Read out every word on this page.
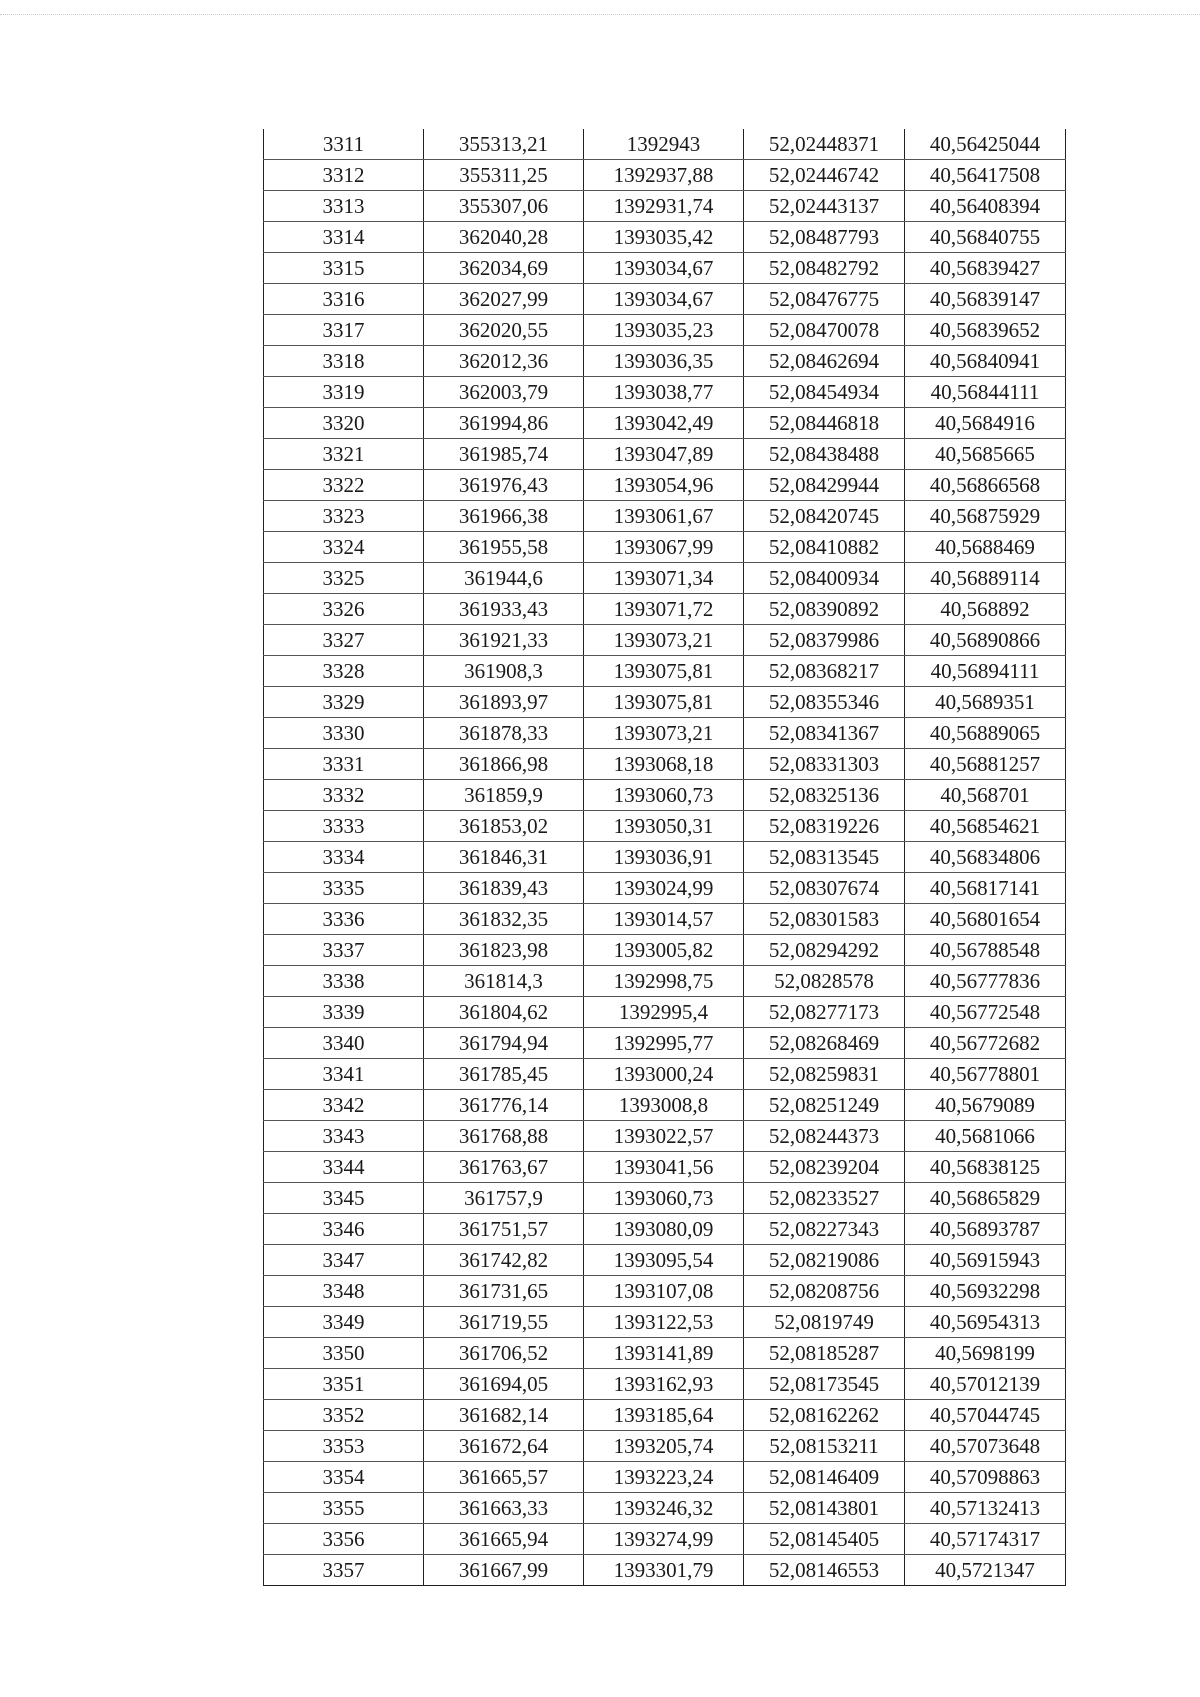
3311	355313,21	1392943	52,02448371	40,56425044
3312	355311,25	1392937,88	52,02446742	40,56417508
3313	355307,06	1392931,74	52,02443137	40,56408394
3314	362040,28	1393035,42	52,08487793	40,56840755
3315	362034,69	1393034,67	52,08482792	40,56839427
3316	362027,99	1393034,67	52,08476775	40,56839147
3317	362020,55	1393035,23	52,08470078	40,56839652
3318	362012,36	1393036,35	52,08462694	40,56840941
3319	362003,79	1393038,77	52,08454934	40,56844111
3320	361994,86	1393042,49	52,08446818	40,5684916
3321	361985,74	1393047,89	52,08438488	40,5685665
3322	361976,43	1393054,96	52,08429944	40,56866568
3323	361966,38	1393061,67	52,08420745	40,56875929
3324	361955,58	1393067,99	52,08410882	40,5688469
3325	361944,6	1393071,34	52,08400934	40,56889114
3326	361933,43	1393071,72	52,08390892	40,568892
3327	361921,33	1393073,21	52,08379986	40,56890866
3328	361908,3	1393075,81	52,08368217	40,56894111
3329	361893,97	1393075,81	52,08355346	40,5689351
3330	361878,33	1393073,21	52,08341367	40,56889065
3331	361866,98	1393068,18	52,08331303	40,56881257
3332	361859,9	1393060,73	52,08325136	40,568701
3333	361853,02	1393050,31	52,08319226	40,56854621
3334	361846,31	1393036,91	52,08313545	40,56834806
3335	361839,43	1393024,99	52,08307674	40,56817141
3336	361832,35	1393014,57	52,08301583	40,56801654
3337	361823,98	1393005,82	52,08294292	40,56788548
3338	361814,3	1392998,75	52,0828578	40,56777836
3339	361804,62	1392995,4	52,08277173	40,56772548
3340	361794,94	1392995,77	52,08268469	40,56772682
3341	361785,45	1393000,24	52,08259831	40,56778801
3342	361776,14	1393008,8	52,08251249	40,5679089
3343	361768,88	1393022,57	52,08244373	40,5681066
3344	361763,67	1393041,56	52,08239204	40,56838125
3345	361757,9	1393060,73	52,08233527	40,56865829
3346	361751,57	1393080,09	52,08227343	40,56893787
3347	361742,82	1393095,54	52,08219086	40,56915943
3348	361731,65	1393107,08	52,08208756	40,56932298
3349	361719,55	1393122,53	52,0819749	40,56954313
3350	361706,52	1393141,89	52,08185287	40,5698199
3351	361694,05	1393162,93	52,08173545	40,57012139
3352	361682,14	1393185,64	52,08162262	40,57044745
3353	361672,64	1393205,74	52,08153211	40,57073648
3354	361665,57	1393223,24	52,08146409	40,57098863
3355	361663,33	1393246,32	52,08143801	40,57132413
3356	361665,94	1393274,99	52,08145405	40,57174317
3357	361667,99	1393301,79	52,08146553	40,5721347
